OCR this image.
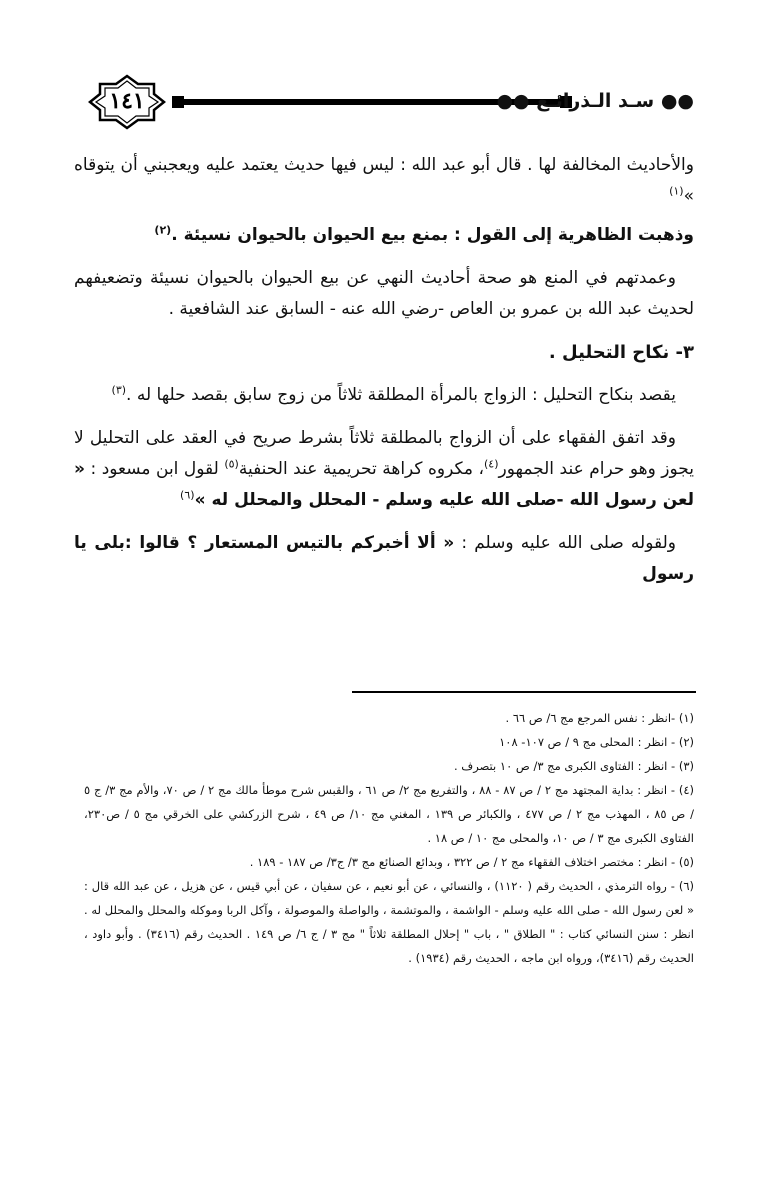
١٤١	●● سـد الـذرائـع ●●

والأحاديث المخالفة لها . قال أبو عبد الله : ليس فيها حديث يعتمد عليه ويعجبني أن يتوقاه »$^{(١)}$

وذهبت الظاهرية إلى القول : بمنع بيع الحيوان بالحيوان نسيئة .$^{(٢)}$

وعمدتهم في المنع هو صحة أحاديث النهي عن بيع الحيوان بالحيوان نسيئة وتضعيفهم لحديث عبد الله بن عمرو بن العاص -رضي الله عنه - السابق عند الشافعية .

٣- نكاح التحليل .

يقصد بنكاح التحليل : الزواج بالمرأة المطلقة ثلاثاً من زوج سابق بقصد حلها له .$^{(٣)}$

وقد اتفق الفقهاء على أن الزواج بالمطلقة ثلاثاً بشرط صريح في العقد على التحليل لا يجوز وهو حرام عند الجمهور$^{(٤)}$، مكروه كراهة تحريمية عند الحنفية$^{(٥)}$ لقول ابن مسعود : « لعن رسول الله -صلى الله عليه وسلم - المحلل والمحلل له »$^{(٦)}$

ولقوله صلى الله عليه وسلم : « ألا أخبركم بالتيس المستعار ؟ قالوا :بلى يا رسول

(١) -انظر : نفس المرجع مج ٦/ ص ٦٦ .
(٢) - انظر : المحلى مج ٩ / ص ١٠٧- ١٠٨
(٣) - انظر : الفتاوى الكبرى مج ٣/ ص ١٠ بتصرف .
(٤) - انظر : بداية المجتهد مج ٢ / ص ٨٧ - ٨٨ ، والتفريع مج ٢/ ص ٦١ ، والقبس شرح موطأ مالك مج ٢ / ص ٧٠، والأم مج ٣/ ج ٥ / ص ٨٥ ، المهذب مج ٢ / ص ٤٧٧ ، والكبائر ص ١٣٩ ، المغني مج ١٠/ ص ٤٩ ، شرح الزركشي على الخرقي مج ٥ / ص٢٣٠، الفتاوى الكبرى مج ٣ / ص ١٠، والمحلى مج ١٠ / ص ١٨ .
(٥) - انظر : مختصر اختلاف الفقهاء مج ٢ / ص ٣٢٢ ، وبدائع الصنائع مج ٣/ ج٣/ ص ١٨٧ - ١٨٩ .
(٦) - رواه الترمذي ، الحديث رقم ( ١١٢٠) ، والنسائي ، عن أبو نعيم ، عن سفيان ، عن أبي قيس ، عن هزيل ، عن عبد الله قال : « لعن رسول الله - صلى الله عليه وسلم - الواشمة ، والموتشمة ، والواصلة والموصولة ، وآكل الربا وموكله والمحلل والمحلل له . انظر : سنن النسائي كتاب : " الطلاق " ، باب " إحلال المطلقة ثلاثاً " مج ٣ / ج ٦/ ص ١٤٩ . الحديث رقم (٣٤١٦) . وأبو داود ، الحديث رقم (٣٤١٦)، ورواه ابن ماجه ، الحديث رقم (١٩٣٤) .
